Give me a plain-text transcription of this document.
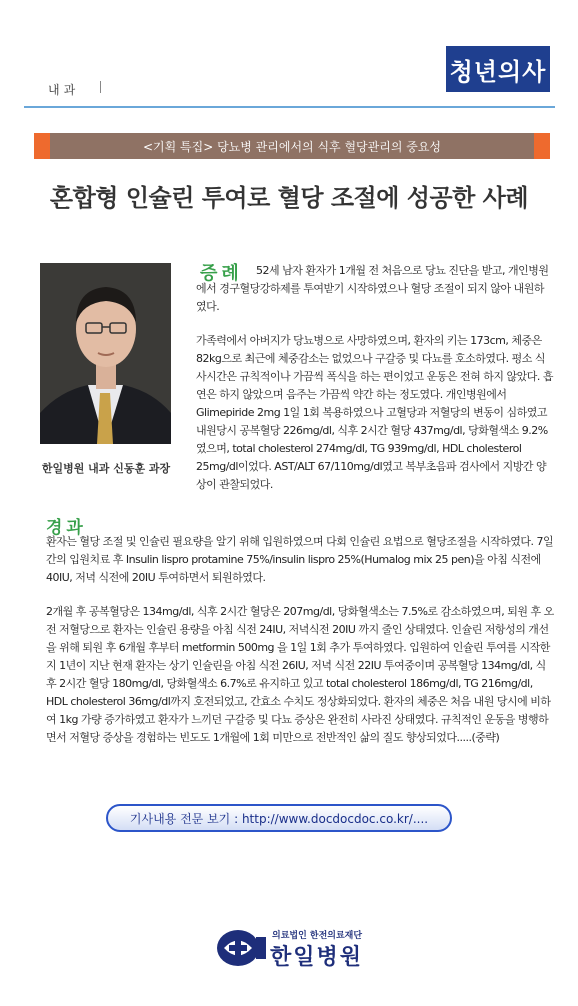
내과
청년의사
<기획 특집> 당뇨병 관리에서의 식후 혈당관리의 중요성
혼합형 인슐린 투여로 혈당 조절에 성공한 사례
한일병원 내과 신동훈 과장
증례	52세 남자 환자가 1개월 전 처음으로 당뇨 진단을 받고, 개인병원에서 경구혈당강하제를 투여받기 시작하였으나 혈당 조절이 되지 않아 내원하였다.

가족력에서 아버지가 당뇨병으로 사망하였으며, 환자의 키는 173cm, 체중은 82kg으로 최근에 체중감소는 없었으나 구갈증 및 다뇨를 호소하였다. 평소 식사시간은 규칙적이나 가끔씩 폭식을 하는 편이었고 운동은 전혀 하지 않았다. 흡연은 하지 않았으며 음주는 가끔씩 약간 하는 정도였다. 개인병원에서 Glimepiride 2mg 1일 1회 복용하였으나 고혈당과 저혈당의 변동이 심하였고 내원당시 공복혈당 226mg/dl, 식후 2시간 혈당 437mg/dl, 당화혈색소 9.2%였으며, total cholesterol 274mg/dl, TG 939mg/dl, HDL cholesterol 25mg/dl이었다. AST/ALT 67/110mg/dl였고 복부초음파 검사에서 지방간 양상이 관찰되었다.

경과

환자는 혈당 조절 및 인슐린 필요량을 알기 위해 입원하였으며 다회 인슐린 요법으로 혈당조절을 시작하였다. 7일간의 입원치료 후 Insulin lispro protamine 75%/insulin lispro 25%(Humalog mix 25 pen)을 아침 식전에 40IU, 저녁 식전에 20IU 투여하면서 퇴원하였다.

2개월 후 공복혈당은 134mg/dl, 식후 2시간 혈당은 207mg/dl, 당화혈색소는 7.5%로 감소하였으며, 퇴원 후 오전 저혈당으로 환자는 인슐린 용량을 아침 식전 24IU, 저녁식전 20IU 까지 줄인 상태였다. 인슐린 저항성의 개선을 위해 퇴원 후 6개월 후부터 metformin 500mg 을 1일 1회 추가 투여하였다. 입원하여 인슐린 투여를 시작한지 1년이 지난 현재 환자는 상기 인슐린을 아침 식전 26IU, 저녁 식전 22IU 투여중이며 공복혈당 134mg/dl, 식후 2시간 혈당 180mg/dl, 당화혈색소 6.7%로 유지하고 있고 total cholesterol 186mg/dl, TG 216mg/dl, HDL cholesterol 36mg/dl까지 호전되었고, 간효소 수치도 정상화되었다. 환자의 체중은 처음 내원 당시에 비하여 1kg 가량 증가하였고 환자가 느끼던 구갈증 및 다뇨 증상은 완전히 사라진 상태였다. 규칙적인 운동을 병행하면서 저혈당 증상을 경험하는 빈도도 1개월에 1회 미만으로 전반적인 삶의 질도 향상되었다.....(중략)

기사내용 전문 보기 : http://www.docdocdoc.co.kr/....
의료법인 한전의료재단
한일병원
